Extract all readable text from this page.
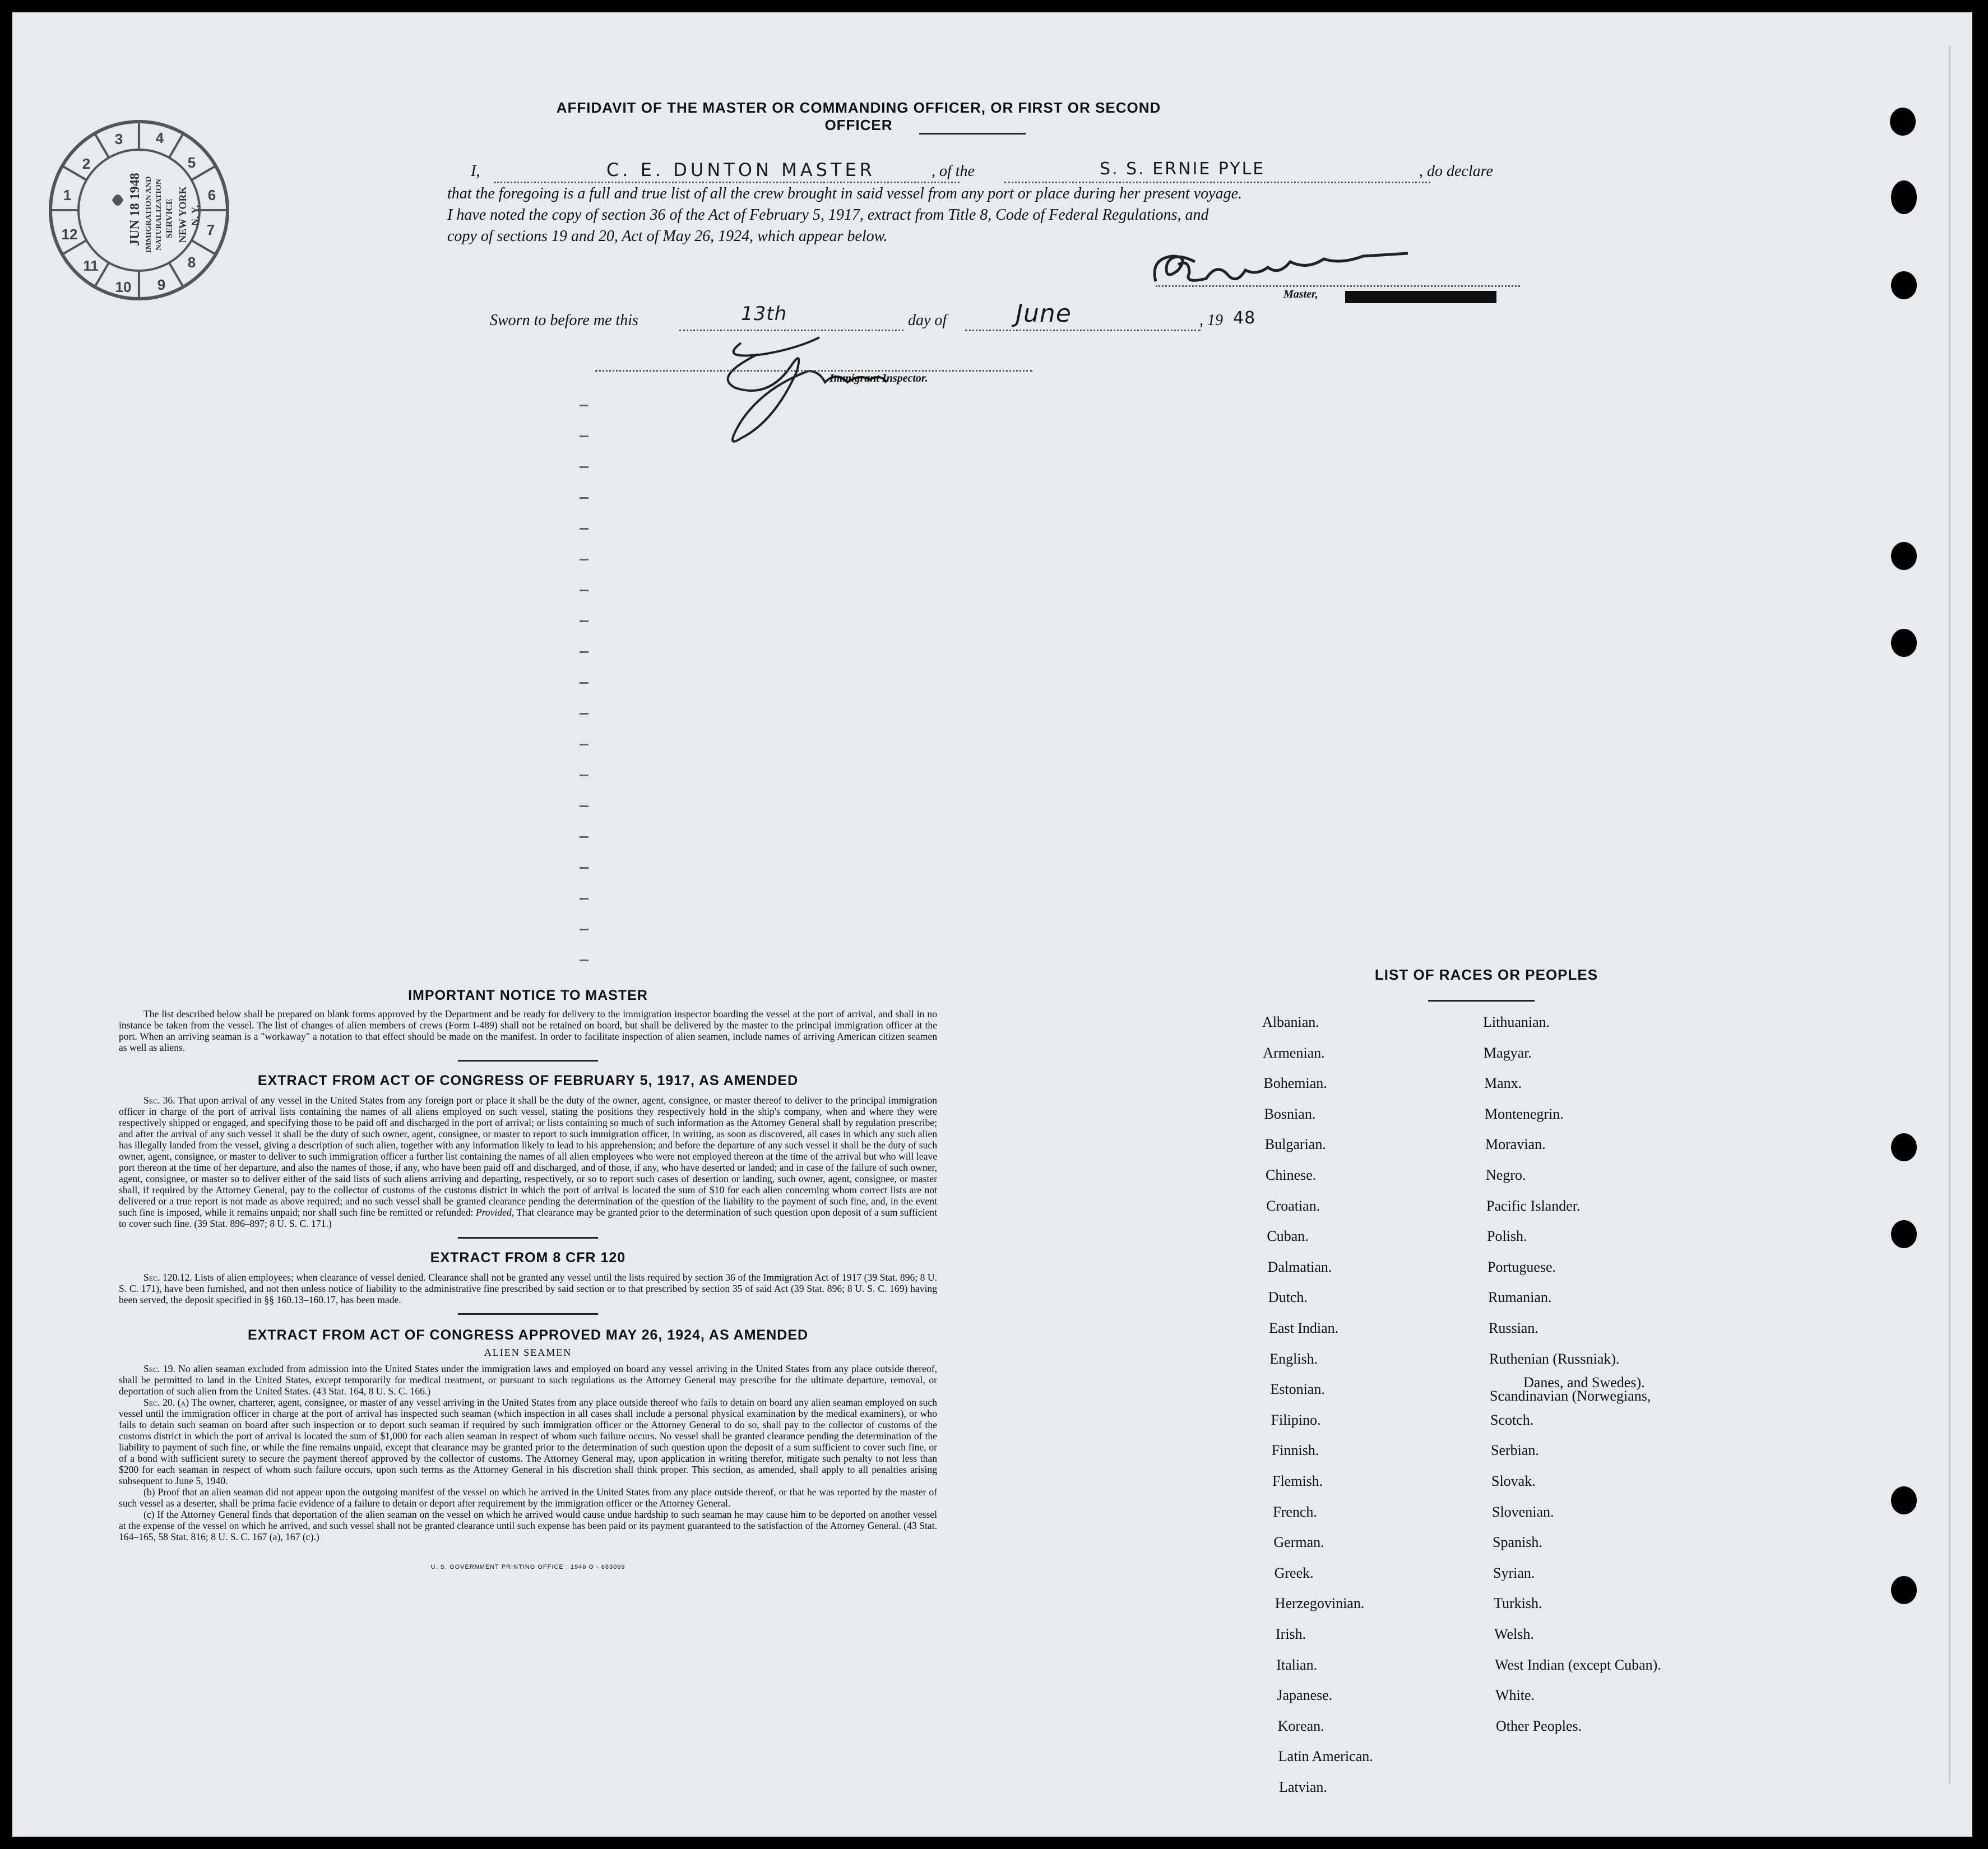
4
5
6
7
8
9
10
11
12
1
2
3
JUN 18 1948 IMMIGRATION AND NATURALIZATION SERVICE NEW YORK N. Y.
AFFIDAVIT OF THE MASTER OR COMMANDING OFFICER, OR FIRST OR SECOND OFFICER
I,	C. E. DUNTON MASTER	, of the	S. S. ERNIE PYLE	, do declare
that the foregoing is a full and true list of all the crew brought in said vessel from any port or place during her present voyage.
I have noted the copy of section 36 of the Act of February 5, 1917, extract from Title 8, Code of Federal Regulations, and
copy of sections 19 and 20, Act of May 26, 1924, which appear below.
Master,
Sworn to before me this	13th	day of	June	, 19 48
Immigrant Inspector.
IMPORTANT NOTICE TO MASTER

The list described below shall be prepared on blank forms approved by the Department and be ready for delivery to the immigration inspector boarding the vessel at the port of arrival, and shall in no instance be taken from the vessel. The list of changes of alien members of crews (Form I-489) shall not be retained on board, but shall be delivered by the master to the principal immigration officer at the port. When an arriving seaman is a "workaway" a notation to that effect should be made on the manifest. In order to facilitate inspection of alien seamen, include names of arriving American citizen seamen as well as aliens.

EXTRACT FROM ACT OF CONGRESS OF FEBRUARY 5, 1917, AS AMENDED

Sec. 36. That upon arrival of any vessel in the United States from any foreign port or place it shall be the duty of the owner, agent, consignee, or master thereof to deliver to the principal immigration officer in charge of the port of arrival lists containing the names of all aliens employed on such vessel, stating the positions they respectively hold in the ship's company, when and where they were respectively shipped or engaged, and specifying those to be paid off and discharged in the port of arrival; or lists containing so much of such information as the Attorney General shall by regulation prescribe; and after the arrival of any such vessel it shall be the duty of such owner, agent, consignee, or master to report to such immigration officer, in writing, as soon as discovered, all cases in which any such alien has illegally landed from the vessel, giving a description of such alien, together with any information likely to lead to his apprehension; and before the departure of any such vessel it shall be the duty of such owner, agent, consignee, or master to deliver to such immigration officer a further list containing the names of all alien employees who were not employed thereon at the time of the arrival but who will leave port thereon at the time of her departure, and also the names of those, if any, who have been paid off and discharged, and of those, if any, who have deserted or landed; and in case of the failure of such owner, agent, consignee, or master so to deliver either of the said lists of such aliens arriving and departing, respectively, or so to report such cases of desertion or landing, such owner, agent, consignee, or master shall, if required by the Attorney General, pay to the collector of customs of the customs district in which the port of arrival is located the sum of $10 for each alien concerning whom correct lists are not delivered or a true report is not made as above required; and no such vessel shall be granted clearance pending the determination of the question of the liability to the payment of such fine, and, in the event such fine is imposed, while it remains unpaid; nor shall such fine be remitted or refunded: Provided, That clearance may be granted prior to the determination of such question upon deposit of a sum sufficient to cover such fine. (39 Stat. 896–897; 8 U. S. C. 171.)

EXTRACT FROM 8 CFR 120

Sec. 120.12. Lists of alien employees; when clearance of vessel denied. Clearance shall not be granted any vessel until the lists required by section 36 of the Immigration Act of 1917 (39 Stat. 896; 8 U. S. C. 171), have been furnished, and not then unless notice of liability to the administrative fine prescribed by said section or to that prescribed by section 35 of said Act (39 Stat. 896; 8 U. S. C. 169) having been served, the deposit specified in §§ 160.13–160.17, has been made.

EXTRACT FROM ACT OF CONGRESS APPROVED MAY 26, 1924, AS AMENDED
ALIEN SEAMEN

Sec. 19. No alien seaman excluded from admission into the United States under the immigration laws and employed on board any vessel arriving in the United States from any place outside thereof, shall be permitted to land in the United States, except temporarily for medical treatment, or pursuant to such regulations as the Attorney General may prescribe for the ultimate departure, removal, or deportation of such alien from the United States. (43 Stat. 164, 8 U. S. C. 166.)

Sec. 20. (a) The owner, charterer, agent, consignee, or master of any vessel arriving in the United States from any place outside thereof who fails to detain on board any alien seaman employed on such vessel until the immigration officer in charge at the port of arrival has inspected such seaman (which inspection in all cases shall include a personal physical examination by the medical examiners), or who fails to detain such seaman on board after such inspection or to deport such seaman if required by such immigration officer or the Attorney General to do so, shall pay to the collector of customs of the customs district in which the port of arrival is located the sum of $1,000 for each alien seaman in respect of whom such failure occurs. No vessel shall be granted clearance pending the determination of the liability to payment of such fine, or while the fine remains unpaid, except that clearance may be granted prior to the determination of such question upon the deposit of a sum sufficient to cover such fine, or of a bond with sufficient surety to secure the payment thereof approved by the collector of customs. The Attorney General may, upon application in writing therefor, mitigate such penalty to not less than $200 for each seaman in respect of whom such failure occurs, upon such terms as the Attorney General in his discretion shall think proper. This section, as amended, shall apply to all penalties arising subsequent to June 5, 1940.

(b) Proof that an alien seaman did not appear upon the outgoing manifest of the vessel on which he arrived in the United States from any place outside thereof, or that he was reported by the master of such vessel as a deserter, shall be prima facie evidence of a failure to detain or deport after requirement by the immigration officer or the Attorney General.

(c) If the Attorney General finds that deportation of the alien seaman on the vessel on which he arrived would cause undue hardship to such seaman he may cause him to be deported on another vessel at the expense of the vessel on which he arrived, and such vessel shall not be granted clearance until such expense has been paid or its payment guaranteed to the satisfaction of the Attorney General. (43 Stat. 164–165, 58 Stat. 816; 8 U. S. C. 167 (a), 167 (c).)

U. S. GOVERNMENT PRINTING OFFICE : 1946 O - 683069
LIST OF RACES OR PEOPLES
Albanian.
Armenian.
Bohemian.
Bosnian.
Bulgarian.
Chinese.
Croatian.
Cuban.
Dalmatian.
Dutch.
East Indian.
English.
Estonian.
Filipino.
Finnish.
Flemish.
French.
German.
Greek.
Herzegovinian.
Irish.
Italian.
Japanese.
Korean.
Latin American.
Latvian.
Lithuanian.
Magyar.
Manx.
Montenegrin.
Moravian.
Negro.
Pacific Islander.
Polish.
Portuguese.
Rumanian.
Russian.
Ruthenian (Russniak).
Scandinavian (Norwegians,
Danes, and Swedes).
Scotch.
Serbian.
Slovak.
Slovenian.
Spanish.
Syrian.
Turkish.
Welsh.
West Indian (except Cuban).
White.
Other Peoples.
